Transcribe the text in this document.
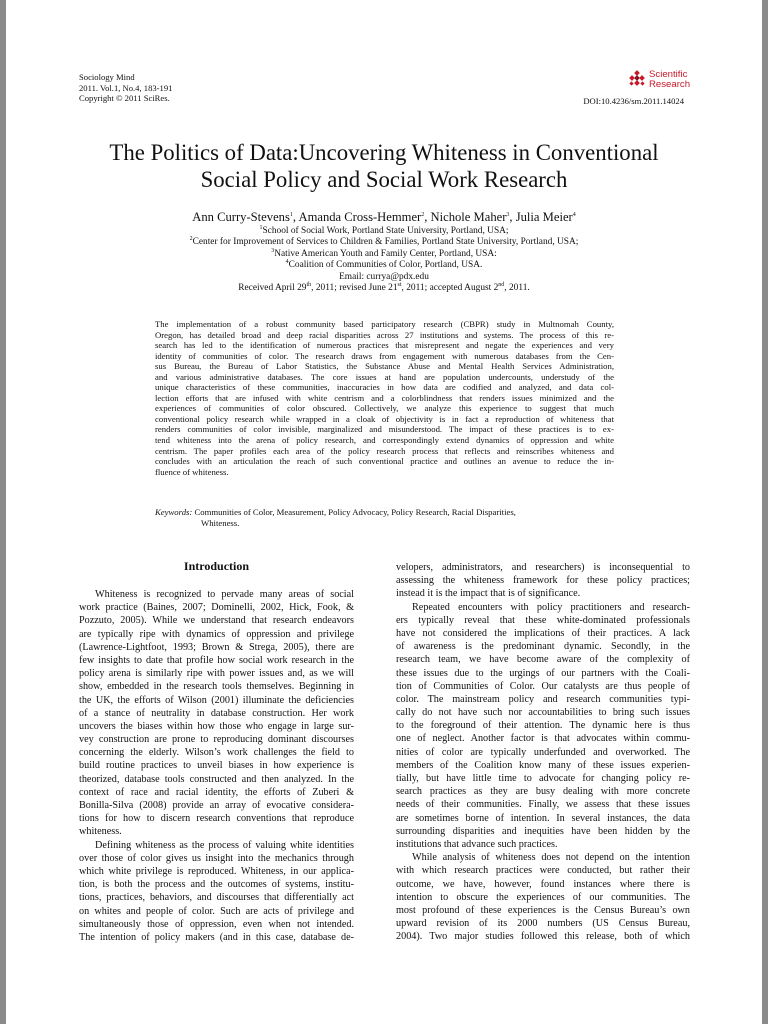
Sociology Mind
2011. Vol.1, No.4, 183-191
Copyright © 2011 SciRes.
Scientific
Research
DOI:10.4236/sm.2011.14024
The Politics of Data:Uncovering Whiteness in Conventional
Social Policy and Social Work Research
Ann Curry-Stevens$^1$, Amanda Cross-Hemmer$^2$, Nichole Maher$^3$, Julia Meier$^4$
$^1$School of Social Work, Portland State University, Portland, USA;
$^2$Center for Improvement of Services to Children & Families, Portland State University, Portland, USA;
$^3$Native American Youth and Family Center, Portland, USA:
$^4$Coalition of Communities of Color, Portland, USA.
Email: currya@pdx.edu
Received April 29th, 2011; revised June 21st, 2011; accepted August 2nd, 2011.
The implementation of a robust community based participatory research (CBPR) study in Multnomah County,
Oregon, has detailed broad and deep racial disparities across 27 institutions and systems. The process of this re-
search has led to the identification of numerous practices that misrepresent and negate the experiences and very
identity of communities of color. The research draws from engagement with numerous databases from the Cen-
sus Bureau, the Bureau of Labor Statistics, the Substance Abuse and Mental Health Services Administration,
and various administrative databases. The core issues at hand are population undercounts, understudy of the
unique characteristics of these communities, inaccuracies in how data are codified and analyzed, and data col-
lection efforts that are infused with white centrism and a colorblindness that renders issues minimized and the
experiences of communities of color obscured. Collectively, we analyze this experience to suggest that much
conventional policy research while wrapped in a cloak of objectivity is in fact a reproduction of whiteness that
renders communities of color invisible, marginalized and misunderstood. The impact of these practices is to ex-
tend whiteness into the arena of policy research, and correspondingly extend dynamics of oppression and white
centrism. The paper profiles each area of the policy research process that reflects and reinscribes whiteness and
concludes with an articulation the reach of such conventional practice and outlines an avenue to reduce the in-
fluence of whiteness.
Keywords: Communities of Color, Measurement, Policy Advocacy, Policy Research, Racial Disparities,
Whiteness.
Introduction
Whiteness is recognized to pervade many areas of social
work practice (Baines, 2007; Dominelli, 2002, Hick, Fook, &
Pozzuto, 2005). While we understand that research endeavors
are typically ripe with dynamics of oppression and privilege
(Lawrence-Lightfoot, 1993; Brown & Strega, 2005), there are
few insights to date that profile how social work research in the
policy arena is similarly ripe with power issues and, as we will
show, embedded in the research tools themselves. Beginning in
the UK, the efforts of Wilson (2001) illuminate the deficiencies
of a stance of neutrality in database construction. Her work
uncovers the biases within how those who engage in large sur-
vey construction are prone to reproducing dominant discourses
concerning the elderly. Wilson’s work challenges the field to
build routine practices to unveil biases in how experience is
theorized, database tools constructed and then analyzed. In the
context of race and racial identity, the efforts of Zuberi &
Bonilla-Silva (2008) provide an array of evocative considera-
tions for how to discern research conventions that reproduce
whiteness.
Defining whiteness as the process of valuing white identities
over those of color gives us insight into the mechanics through
which white privilege is reproduced. Whiteness, in our applica-
tion, is both the process and the outcomes of systems, institu-
tions, practices, behaviors, and discourses that differentially act
on whites and people of color. Such are acts of privilege and
simultaneously those of oppression, even when not intended.
The intention of policy makers (and in this case, database de-
velopers, administrators, and researchers) is inconsequential to
assessing the whiteness framework for these policy practices;
instead it is the impact that is of significance.
Repeated encounters with policy practitioners and research-
ers typically reveal that these white-dominated professionals
have not considered the implications of their practices. A lack
of awareness is the predominant dynamic. Secondly, in the
research team, we have become aware of the complexity of
these issues due to the urgings of our partners with the Coali-
tion of Communities of Color. Our catalysts are thus people of
color. The mainstream policy and research communities typi-
cally do not have such nor accountabilities to bring such issues
to the foreground of their attention. The dynamic here is thus
one of neglect. Another factor is that advocates within commu-
nities of color are typically underfunded and overworked. The
members of the Coalition know many of these issues experien-
tially, but have little time to advocate for changing policy re-
search practices as they are busy dealing with more concrete
needs of their communities. Finally, we assess that these issues
are sometimes borne of intention. In several instances, the data
surrounding disparities and inequities have been hidden by the
institutions that advance such practices.
While analysis of whiteness does not depend on the intention
with which research practices were conducted, but rather their
outcome, we have, however, found instances where there is
intention to obscure the experiences of our communities. The
most profound of these experiences is the Census Bureau’s own
upward revision of its 2000 numbers (US Census Bureau,
2004). Two major studies followed this release, both of which
